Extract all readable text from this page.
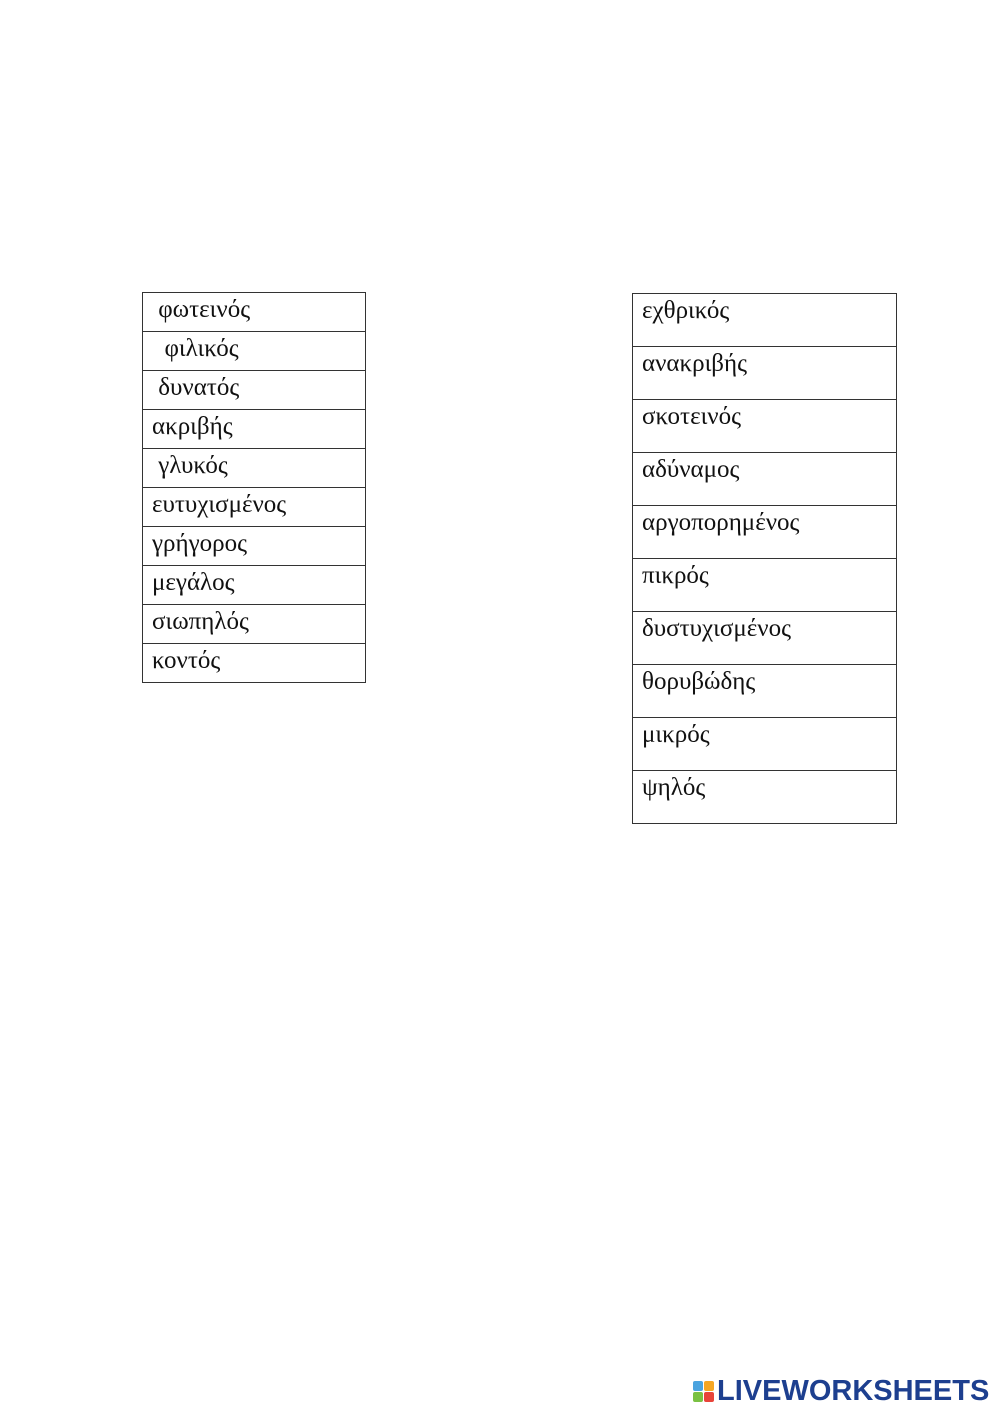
φωτεινός
φιλικός
δυνατός
ακριβής
γλυκός
ευτυχισμένος
γρήγορος
μεγάλος
σιωπηλός
κοντός
εχθρικός
ανακριβής
σκοτεινός
αδύναμος
αργοπορημένος
πικρός
δυστυχισμένος
θορυβώδης
μικρός
ψηλός
LIVEWORKSHEETS
